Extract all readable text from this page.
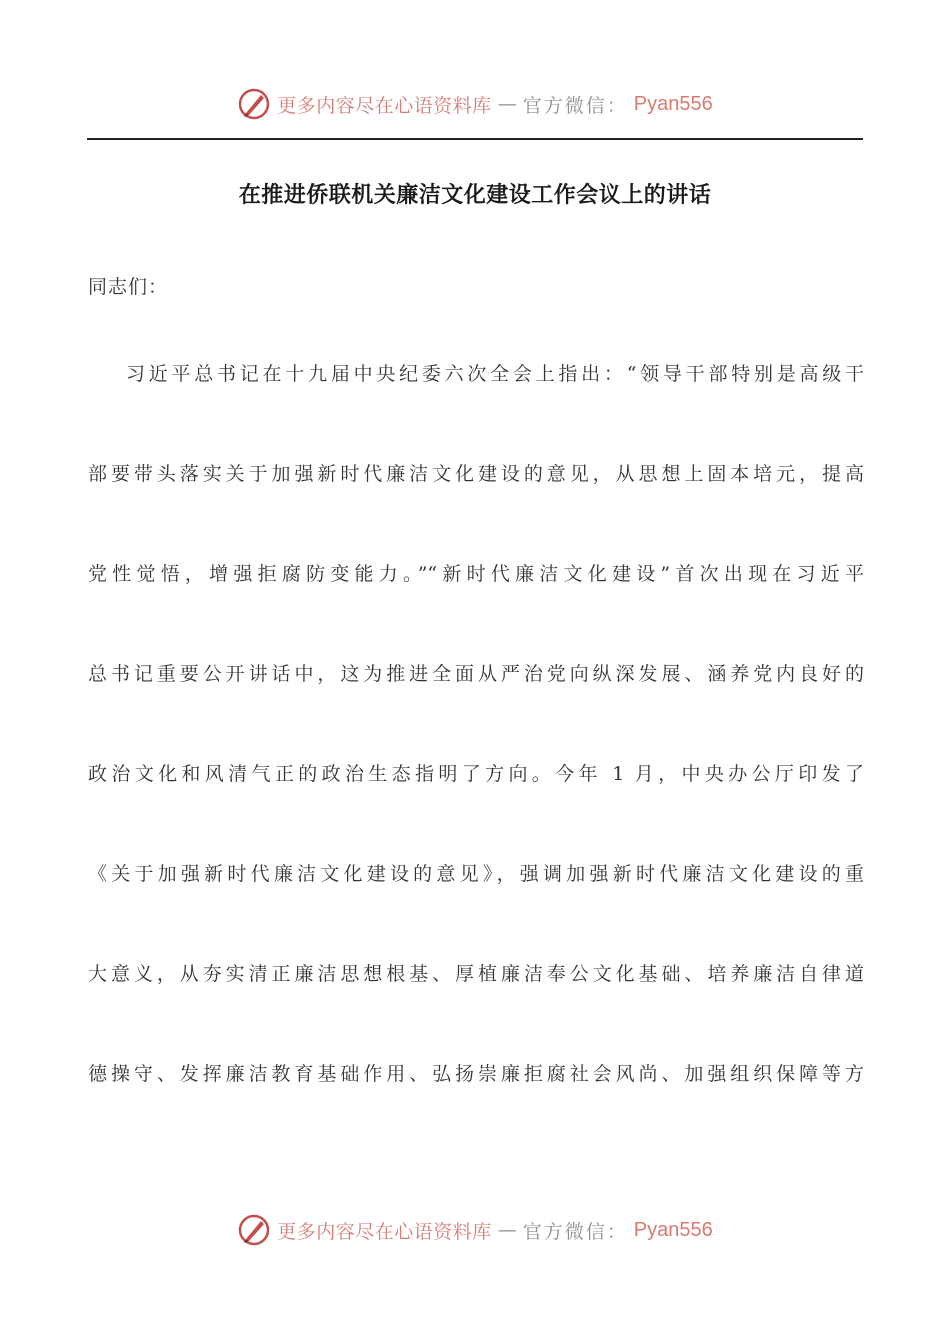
更多内容尽在心语资料库 — 官方微信： Pyan556
在推进侨联机关廉洁文化建设工作会议上的讲话
同志们：
习近平总书记在十九届中央纪委六次全会上指出：“领导干部特别是高级干
部要带头落实关于加强新时代廉洁文化建设的意见，从思想上固本培元，提高
党性觉悟，增强拒腐防变能力。”“新时代廉洁文化建设”首次出现在习近平
总书记重要公开讲话中，这为推进全面从严治党向纵深发展、涵养党内良好的
政治文化和风清气正的政治生态指明了方向。今年 1 月，中央办公厅印发了
《关于加强新时代廉洁文化建设的意见》，强调加强新时代廉洁文化建设的重
大意义，从夯实清正廉洁思想根基、厚植廉洁奉公文化基础、培养廉洁自律道
德操守、发挥廉洁教育基础作用、弘扬崇廉拒腐社会风尚、加强组织保障等方
更多内容尽在心语资料库 — 官方微信： Pyan556
